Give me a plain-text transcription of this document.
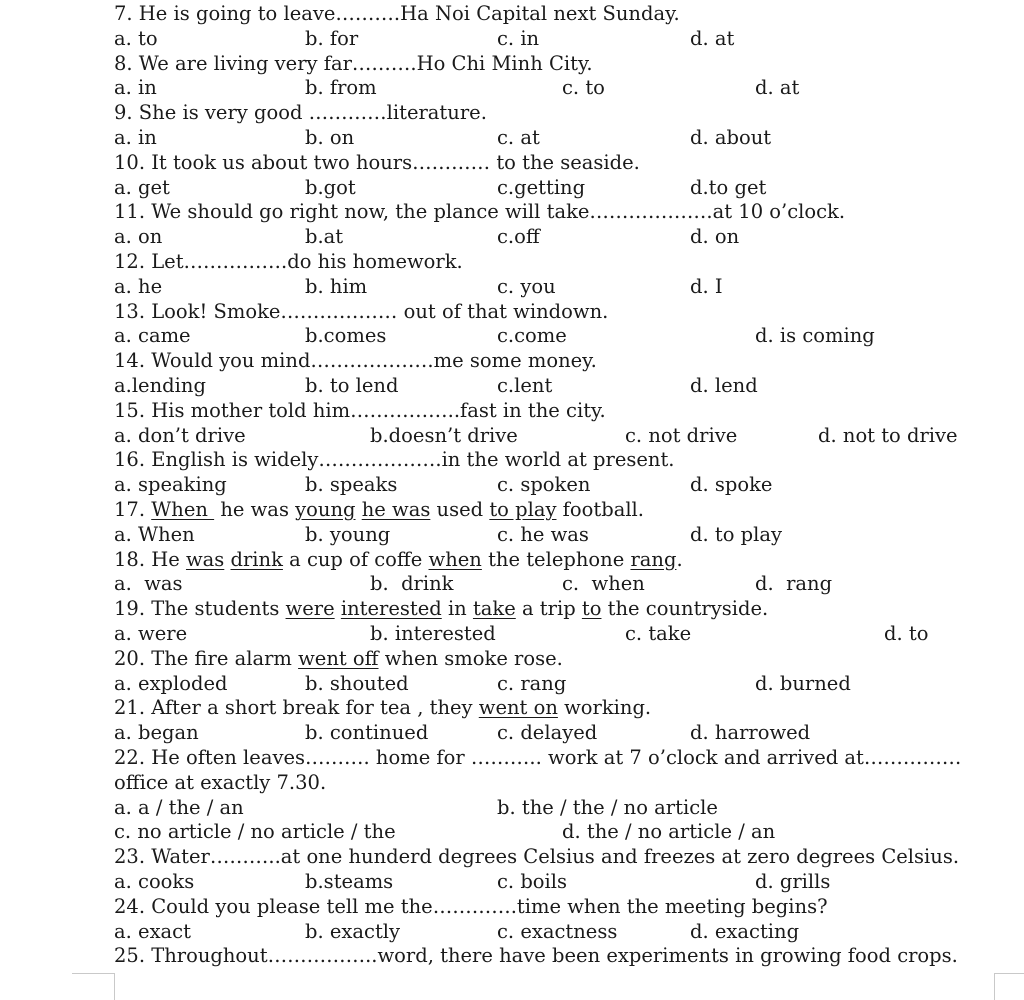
7. He is going to leave……….Ha Noi Capital next Sunday.
a. to	b. for	c. in	d. at
8. We are living very far……….Ho Chi Minh City.
a. in	b. from	c. to	d. at
9. She is very good …………literature.
a. in	b. on	c. at	d. about
10. It took us about two hours………… to the seaside.
a. get	b.got	c.getting	d.to get
11. We should go right now, the plance will take……………….at 10 o’clock.
a. on	b.at	c.off	d. on
12. Let…………….do his homework.
a. he	b. him	c. you	d. I
13. Look! Smoke……………… out of that windown.
a. came	b.comes	c.come	d. is coming
14. Would you mind……………….me some money.
a.lending	b. to lend	c.lent	d. lend
15. His mother told him……………..fast in the city.
a. don’t drive	b.doesn’t drive	c. not drive	d. not to drive
16. English is widely……………….in the world at present.
a. speaking	b. speaks	c. spoken	d. spoke
17. When  he was young he was used to play football.
a. When	b. young	c. he was	d. to play
18. He was drink a cup of coffe when the telephone rang.
a.  was	b.  drink	c.  when	d.  rang
19. The students were interested in take a trip to the countryside.
a. were	b. interested	c. take	d. to
20. The fire alarm went off when smoke rose.
a. exploded	b. shouted	c. rang	d. burned
21. After a short break for tea , they went on working.
a. began	b. continued	c. delayed	d. harrowed
22. He often leaves………. home for ……….. work at 7 o’clock and arrived at……………
office at exactly 7.30.
a. a / the / an	b. the / the / no article
c. no article / no article / the	d. the / no article / an
23. Water………..at one hunderd degrees Celsius and freezes at zero degrees Celsius.
a. cooks	b.steams	c. boils	d. grills
24. Could you please tell me the………….time when the meeting begins?
a. exact	b. exactly	c. exactness	d. exacting
25. Throughout……………..word, there have been experiments in growing food crops.
